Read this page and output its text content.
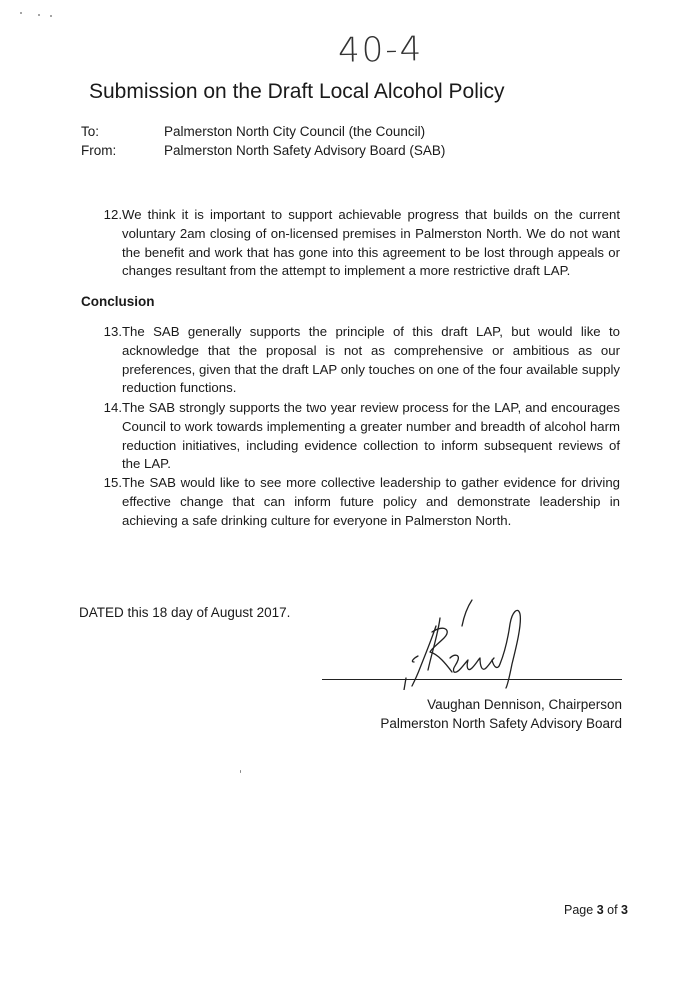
40-4
Submission on the Draft Local Alcohol Policy
To:	Palmerston North City Council (the Council)
From:	Palmerston North Safety Advisory Board (SAB)
12. We think it is important to support achievable progress that builds on the current voluntary 2am closing of on-licensed premises in Palmerston North. We do not want the benefit and work that has gone into this agreement to be lost through appeals or changes resultant from the attempt to implement a more restrictive draft LAP.
Conclusion
13. The SAB generally supports the principle of this draft LAP, but would like to acknowledge that the proposal is not as comprehensive or ambitious as our preferences, given that the draft LAP only touches on one of the four available supply reduction functions.
14. The SAB strongly supports the two year review process for the LAP, and encourages Council to work towards implementing a greater number and breadth of alcohol harm reduction initiatives, including evidence collection to inform subsequent reviews of the LAP.
15. The SAB would like to see more collective leadership to gather evidence for driving effective change that can inform future policy and demonstrate leadership in achieving a safe drinking culture for everyone in Palmerston North.
DATED this 18 day of August 2017.
Vaughan Dennison, Chairperson
Palmerston North Safety Advisory Board
Page 3 of 3
